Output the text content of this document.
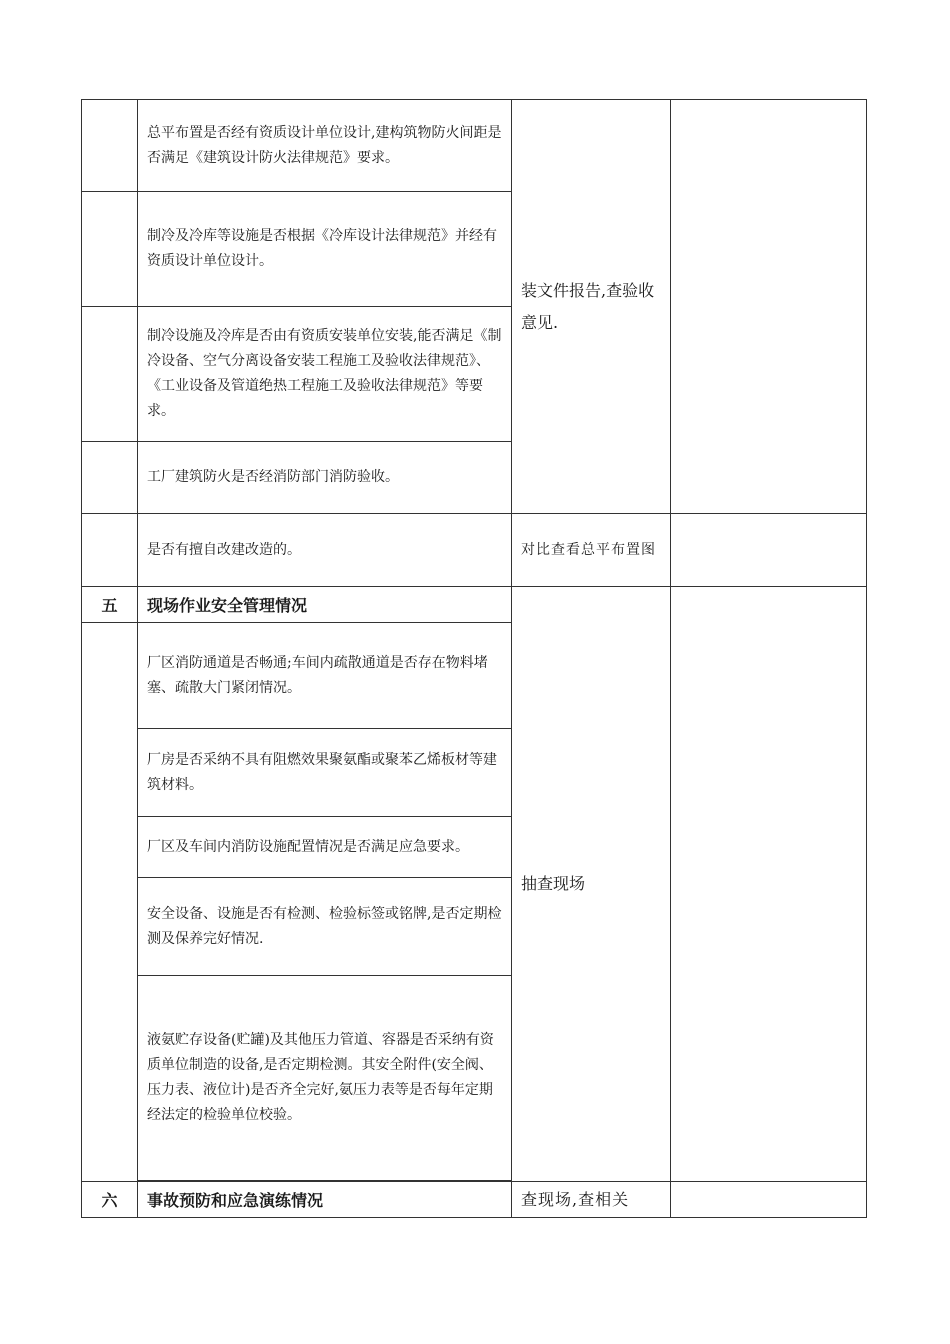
	总平布置是否经有资质设计单位设计,建构筑物防火间距是否满足《建筑设计防火法律规范》要求。	装文件报告,查验收意见.	
	制冷及冷库等设施是否根据《冷库设计法律规范》并经有资质设计单位设计。		
	制冷设施及冷库是否由有资质安装单位安装,能否满足《制冷设备、空气分离设备安装工程施工及验收法律规范》、《工业设备及管道绝热工程施工及验收法律规范》等要求。		
	工厂建筑防火是否经消防部门消防验收。		
	是否有擅自改建改造的。	对比查看总平布置图	
五	现场作业安全管理情况	抽查现场	
	厂区消防通道是否畅通;车间内疏散通道是否存在物料堵塞、疏散大门紧闭情况。		
	厂房是否采纳不具有阻燃效果聚氨酯或聚苯乙烯板材等建筑材料。		
	厂区及车间内消防设施配置情况是否满足应急要求。		
	安全设备、设施是否有检测、检验标签或铭牌,是否定期检测及保养完好情况.		
	液氨贮存设备(贮罐)及其他压力管道、容器是否采纳有资质单位制造的设备,是否定期检测。其安全附件(安全阀、压力表、液位计)是否齐全完好,氨压力表等是否每年定期经法定的检验单位校验。		

六	事故预防和应急演练情况	查现场,查相关	
